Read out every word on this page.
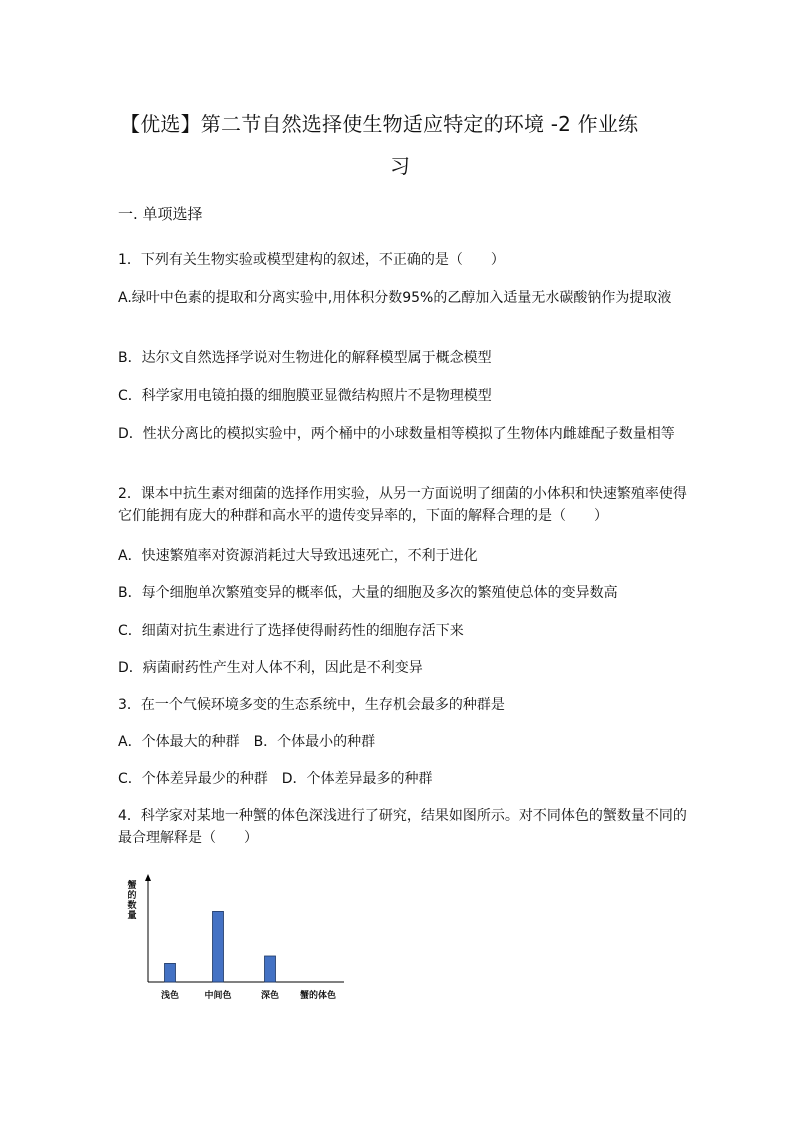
【优选】第二节自然选择使生物适应特定的环境 -2 作业练
习
一. 单项选择
1．下列有关生物实验或模型建构的叙述，不正确的是（　　）
A.绿叶中色素的提取和分离实验中,用体积分数95%的乙醇加入适量无水碳酸钠作为提取液
B．达尔文自然选择学说对生物进化的解释模型属于概念模型
C．科学家用电镜拍摄的细胞膜亚显微结构照片不是物理模型
D．性状分离比的模拟实验中，两个桶中的小球数量相等模拟了生物体内雌雄配子数量相等
2．课本中抗生素对细菌的选择作用实验，从另一方面说明了细菌的小体积和快速繁殖率使得它们能拥有庞大的种群和高水平的遗传变异率的，下面的解释合理的是（　　）
A．快速繁殖率对资源消耗过大导致迅速死亡，不利于进化
B．每个细胞单次繁殖变异的概率低，大量的细胞及多次的繁殖使总体的变异数高
C．细菌对抗生素进行了选择使得耐药性的细胞存活下来
D．病菌耐药性产生对人体不利，因此是不利变异
3．在一个气候环境多变的生态系统中，生存机会最多的种群是
A．个体最大的种群　B．个体最小的种群
C．个体差异最少的种群　D．个体差异最多的种群
4．科学家对某地一种蟹的体色深浅进行了研究，结果如图所示。对不同体色的蟹数量不同的最合理解释是（　　）
蟹的数量
蟹的体色
浅色	中间色	深色
